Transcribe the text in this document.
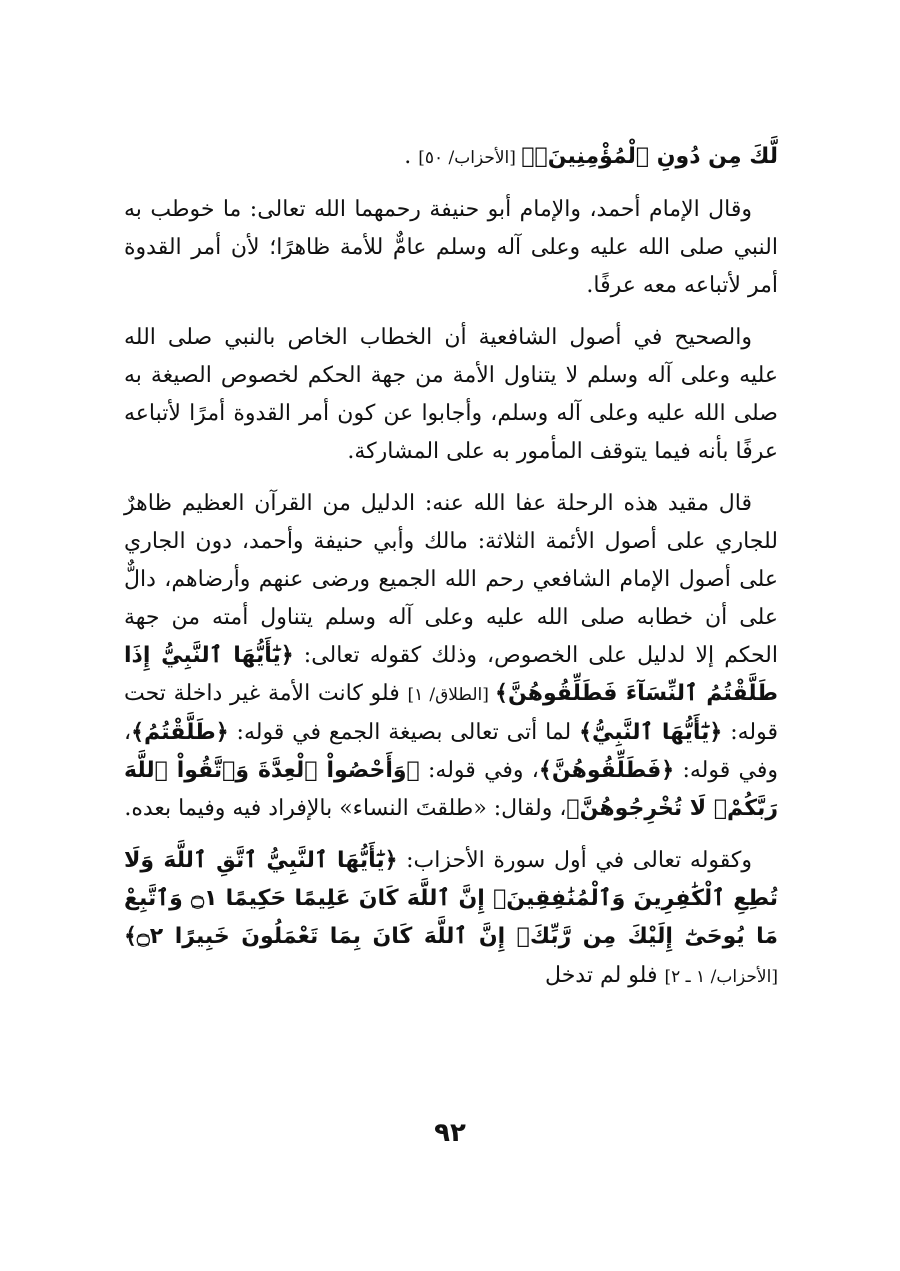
لَّكَ مِن دُونِ ٱلْمُؤْمِنِينَۗ﴾ [الأحزاب/ ٥٠] .

وقال الإمام أحمد، والإمام أبو حنيفة رحمهما الله تعالى: ما خوطب به النبي صلى الله عليه وعلى آله وسلم عامٌّ للأمة ظاهرًا؛ لأن أمر القدوة أمر لأتباعه معه عرفًا.

والصحيح في أصول الشافعية أن الخطاب الخاص بالنبي صلى الله عليه وعلى آله وسلم لا يتناول الأمة من جهة الحكم لخصوص الصيغة به صلى الله عليه وعلى آله وسلم، وأجابوا عن كون أمر القدوة أمرًا لأتباعه عرفًا بأنه فيما يتوقف المأمور به على المشاركة.

قال مقيد هذه الرحلة عفا الله عنه: الدليل من القرآن العظيم ظاهرٌ للجاري على أصول الأئمة الثلاثة: مالك وأبي حنيفة وأحمد، دون الجاري على أصول الإمام الشافعي رحم الله الجميع ورضى عنهم وأرضاهم، دالٌّ على أن خطابه صلى الله عليه وعلى آله وسلم يتناول أمته من جهة الحكم إلا لدليل على الخصوص، وذلك كقوله تعالى: ﴿يَٰٓأَيُّهَا ٱلنَّبِيُّ إِذَا طَلَّقْتُمُ ٱلنِّسَآءَ فَطَلِّقُوهُنَّ﴾ [الطلاق/ ١] فلو كانت الأمة غير داخلة تحت قوله: ﴿يَٰٓأَيُّهَا ٱلنَّبِيُّ﴾ لما أتى تعالى بصيغة الجمع في قوله: ﴿طَلَّقْتُمُ﴾، وفي قوله: ﴿فَطَلِّقُوهُنَّ﴾، وفي قوله: ﴿وَأَحْصُواْ ٱلْعِدَّةَ وَٱتَّقُواْ ٱللَّهَ رَبَّكُمْۖ لَا تُخْرِجُوهُنَّ﴾، ولقال: «طلقتَ النساء» بالإفراد فيه وفيما بعده.

وكقوله تعالى في أول سورة الأحزاب: ﴿يَٰٓأَيُّهَا ٱلنَّبِيُّ ٱتَّقِ ٱللَّهَ وَلَا تُطِعِ ٱلْكَٰفِرِينَ وَٱلْمُنَٰفِقِينَۚ إِنَّ ٱللَّهَ كَانَ عَلِيمًا حَكِيمًا ۝١ وَٱتَّبِعْ مَا يُوحَىٰٓ إِلَيْكَ مِن رَّبِّكَۚ إِنَّ ٱللَّهَ كَانَ بِمَا تَعْمَلُونَ خَبِيرًا ۝٢﴾ [الأحزاب/ ١ ـ ٢] فلو لم تدخل

٩٢
